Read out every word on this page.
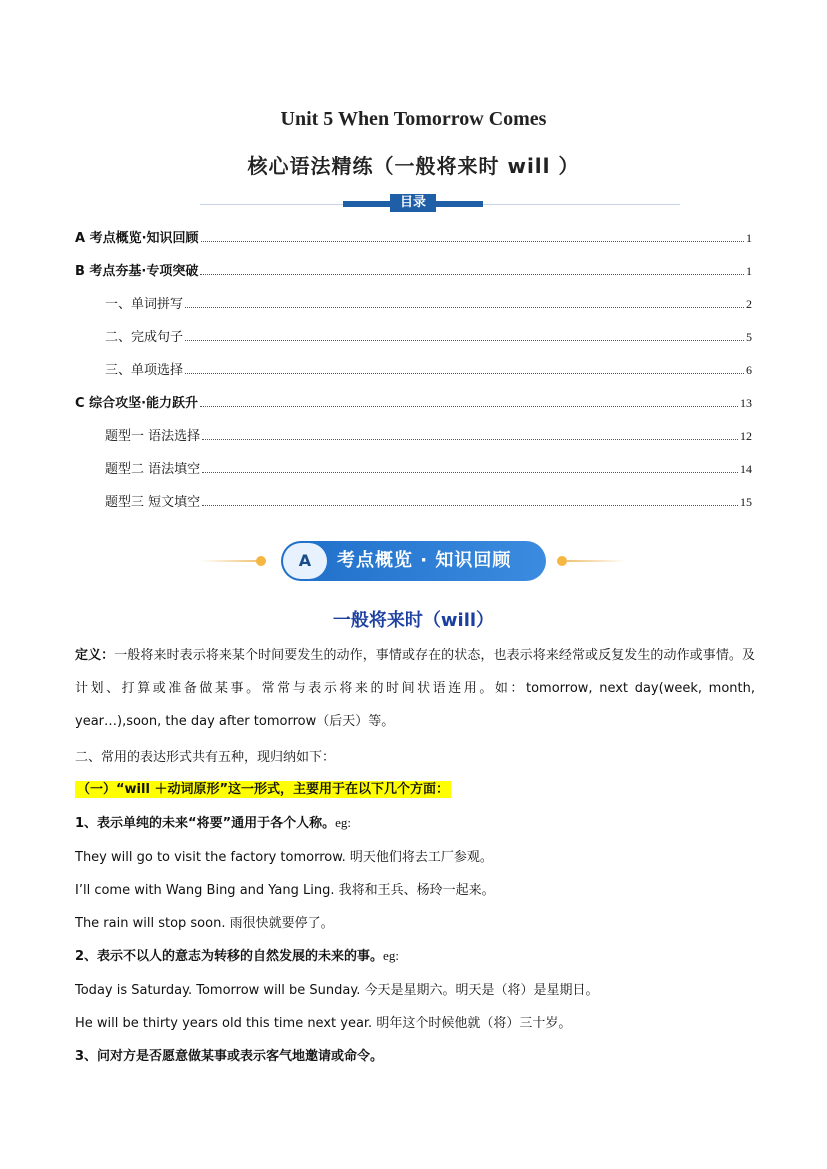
Unit 5 When Tomorrow Comes
核心语法精练（一般将来时 will ）
目录
A 考点概览·知识回顾	1
B 考点夯基·专项突破	1
一、单词拼写	2
二、完成句子	5
三、单项选择	6
C 综合攻坚·能力跃升	13
题型一 语法选择	12
题型二 语法填空	14
题型三 短文填空	15
A	考点概览 · 知识回顾
一般将来时（will）
定义：一般将来时表示将来某个时间要发生的动作，事情或存在的状态，也表示将来经常或反复发生的动作或事情。及计划、打算或准备做某事。常常与表示将来的时间状语连用。如：tomorrow, next day(week, month, year…),soon, the day after tomorrow（后天）等。
二、常用的表达形式共有五种，现归纳如下：
（一）“will ＋动词原形”这一形式，主要用于在以下几个方面：
1、表示单纯的未来“将要”通用于各个人称。eg:
They will go to visit the factory tomorrow. 明天他们将去工厂参观。
I’ll come with Wang Bing and Yang Ling. 我将和王兵、杨玲一起来。
The rain will stop soon. 雨很快就要停了。
2、表示不以人的意志为转移的自然发展的未来的事。eg:
Today is Saturday. Tomorrow will be Sunday. 今天是星期六。明天是（将）是星期日。
He will be thirty years old this time next year. 明年这个时候他就（将）三十岁。
3、问对方是否愿意做某事或表示客气地邀请或命令。
